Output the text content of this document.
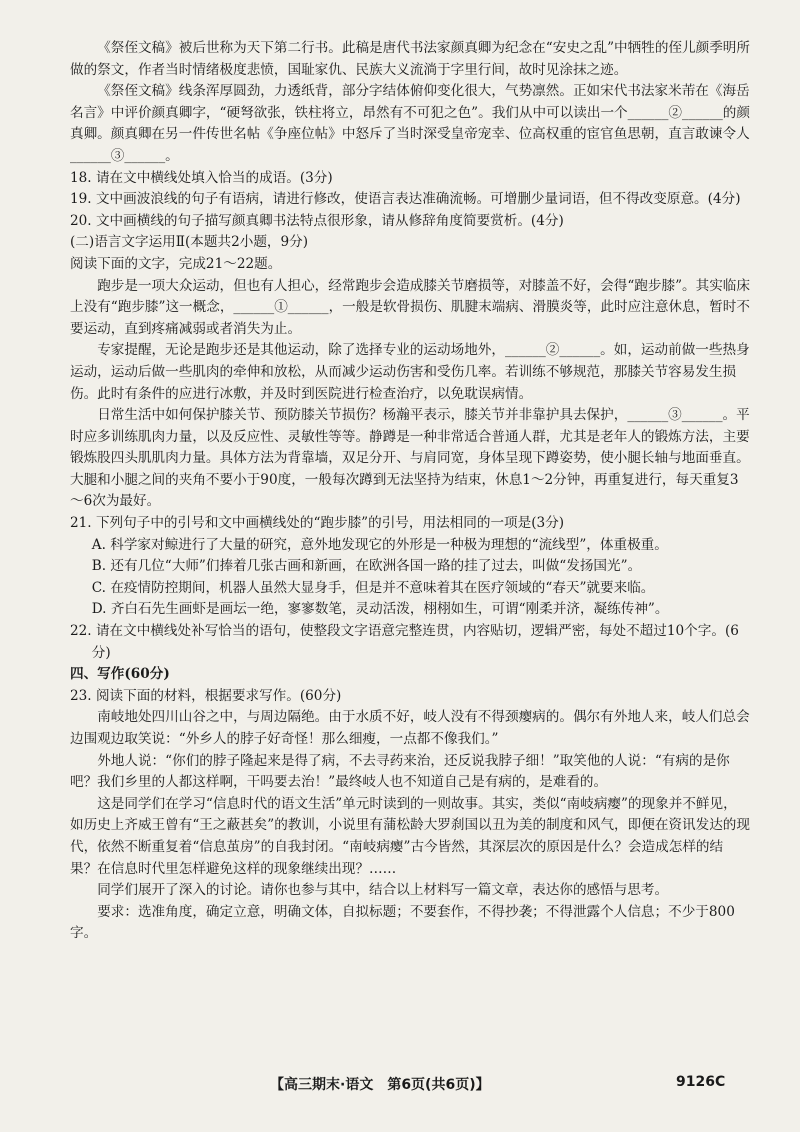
《祭侄文稿》被后世称为天下第二行书。此稿是唐代书法家颜真卿为纪念在“安史之乱”中牺牲的侄儿颜季明所做的祭文，作者当时情绪极度悲愤，国耻家仇、民族大义流淌于字里行间，故时见涂抹之迹。

《祭侄文稿》线条浑厚圆劲，力透纸背，部分字结体俯仰变化很大，气势凛然。正如宋代书法家米芾在《海岳名言》中评价颜真卿字，“硬弩欲张，铁柱将立，昂然有不可犯之色”。我们从中可以读出一个______②______的颜真卿。颜真卿在另一件传世名帖《争座位帖》中怒斥了当时深受皇帝宠幸、位高权重的宦官鱼思朝，直言敢谏令人______③______。

18. 请在文中横线处填入恰当的成语。(3分)

19. 文中画波浪线的句子有语病，请进行修改，使语言表达准确流畅。可增删少量词语，但不得改变原意。(4分)

20. 文中画横线的句子描写颜真卿书法特点很形象，请从修辞角度简要赏析。(4分)

(二)语言文字运用Ⅱ(本题共2小题，9分)

阅读下面的文字，完成21～22题。

跑步是一项大众运动，但也有人担心，经常跑步会造成膝关节磨损等，对膝盖不好，会得“跑步膝”。其实临床上没有“跑步膝”这一概念，______①______，一般是软骨损伤、肌腱末端病、滑膜炎等，此时应注意休息，暂时不要运动，直到疼痛减弱或者消失为止。

专家提醒，无论是跑步还是其他运动，除了选择专业的运动场地外，______②______。如，运动前做一些热身运动，运动后做一些肌肉的牵伸和放松，从而减少运动伤害和受伤几率。若训练不够规范，那膝关节容易发生损伤。此时有条件的应进行冰敷，并及时到医院进行检查治疗，以免耽误病情。

日常生活中如何保护膝关节、预防膝关节损伤？杨瀚平表示，膝关节并非靠护具去保护，______③______。平时应多训练肌肉力量，以及反应性、灵敏性等等。静蹲是一种非常适合普通人群，尤其是老年人的锻炼方法，主要锻炼股四头肌肌肉力量。具体方法为背靠墙，双足分开、与肩同宽，身体呈现下蹲姿势，使小腿长轴与地面垂直。大腿和小腿之间的夹角不要小于90度，一般每次蹲到无法坚持为结束，休息1～2分钟，再重复进行，每天重复3～6次为最好。

21. 下列句子中的引号和文中画横线处的“跑步膝”的引号，用法相同的一项是(3分)

A. 科学家对鲸进行了大量的研究，意外地发现它的外形是一种极为理想的“流线型”，体重极重。

B. 还有几位“大师”们捧着几张古画和新画，在欧洲各国一路的挂了过去，叫做“发扬国光”。

C. 在疫情防控期间，机器人虽然大显身手，但是并不意味着其在医疗领域的“春天”就要来临。

D. 齐白石先生画虾是画坛一绝，寥寥数笔，灵动活泼，栩栩如生，可谓“刚柔并济，凝练传神”。

22. 请在文中横线处补写恰当的语句，使整段文字语意完整连贯，内容贴切，逻辑严密，每处不超过10个字。(6分)

四、写作(60分)

23. 阅读下面的材料，根据要求写作。(60分)

南岐地处四川山谷之中，与周边隔绝。由于水质不好，岐人没有不得颈瘿病的。偶尔有外地人来，岐人们总会边围观边取笑说：“外乡人的脖子好奇怪！那么细瘦，一点都不像我们。”

外地人说：“你们的脖子隆起来是得了病，不去寻药来治，还反说我脖子细！”取笑他的人说：“有病的是你吧？我们乡里的人都这样啊，干吗要去治！”最终岐人也不知道自己是有病的，是难看的。

这是同学们在学习“信息时代的语文生活”单元时读到的一则故事。其实，类似“南岐病瘿”的现象并不鲜见，如历史上齐威王曾有“王之蔽甚矣”的教训，小说里有蒲松龄大罗刹国以丑为美的制度和风气，即便在资讯发达的现代，依然不断重复着“信息茧房”的自我封闭。“南岐病瘿”古今皆然，其深层次的原因是什么？会造成怎样的结果？在信息时代里怎样避免这样的现象继续出现？……

同学们展开了深入的讨论。请你也参与其中，结合以上材料写一篇文章，表达你的感悟与思考。

要求：选准角度，确定立意，明确文体，自拟标题；不要套作，不得抄袭；不得泄露个人信息；不少于800字。

【高三期末·语文　第6页(共6页)】	9126C
